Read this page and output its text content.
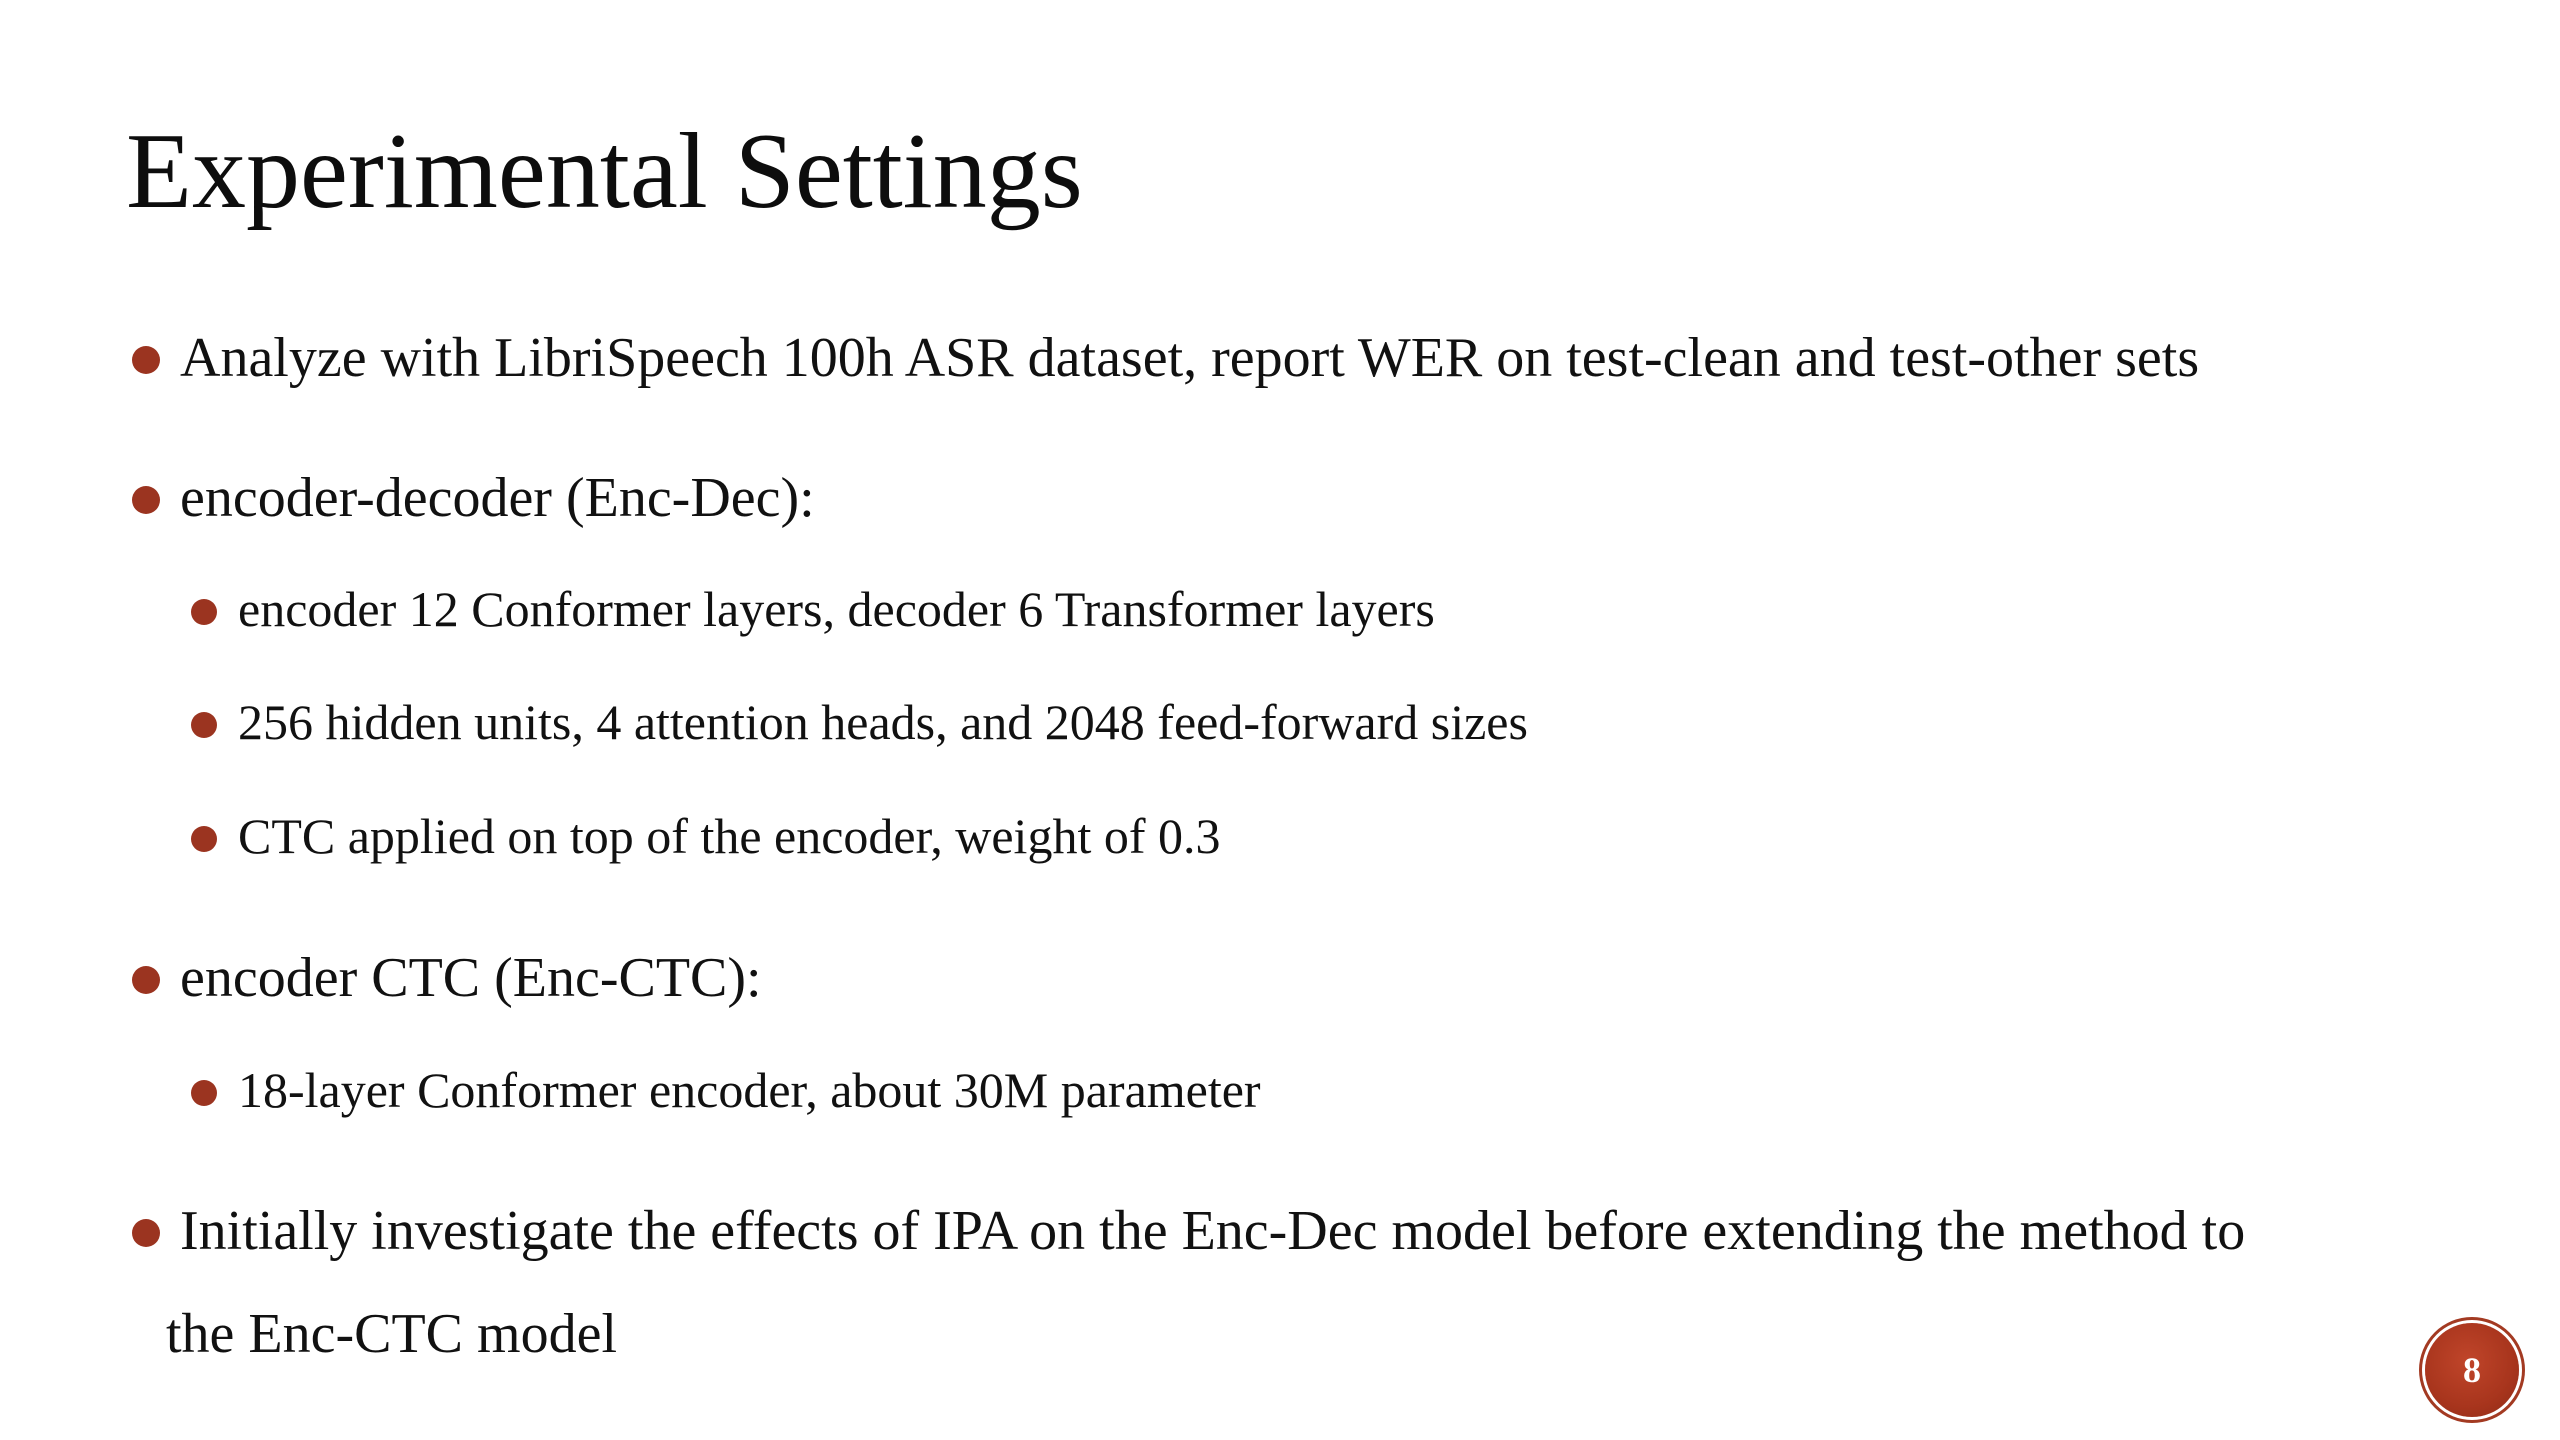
Experimental Settings
Analyze with LibriSpeech 100h ASR dataset, report WER on test-clean and test-other sets
encoder-decoder (Enc-Dec):
encoder 12 Conformer layers, decoder 6 Transformer layers
256 hidden units, 4 attention heads, and 2048 feed-forward sizes
CTC applied on top of the encoder, weight of 0.3
encoder CTC (Enc-CTC):
18-layer Conformer encoder, about 30M parameter
Initially investigate the effects of IPA on the Enc-Dec model before extending the method to
the Enc-CTC model
8
